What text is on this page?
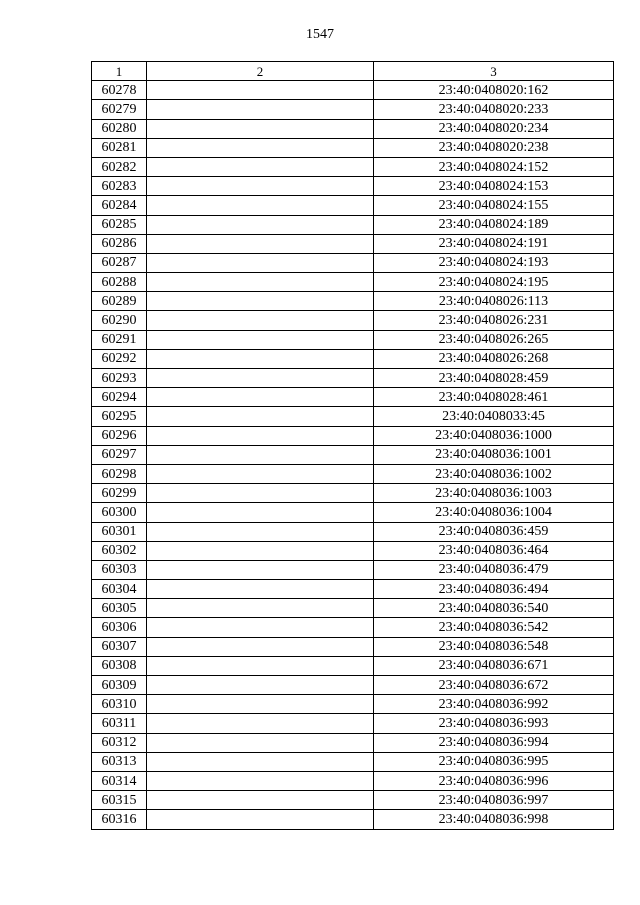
1547
1	2	3
60278		23:40:0408020:162
60279		23:40:0408020:233
60280		23:40:0408020:234
60281		23:40:0408020:238
60282		23:40:0408024:152
60283		23:40:0408024:153
60284		23:40:0408024:155
60285		23:40:0408024:189
60286		23:40:0408024:191
60287		23:40:0408024:193
60288		23:40:0408024:195
60289		23:40:0408026:113
60290		23:40:0408026:231
60291		23:40:0408026:265
60292		23:40:0408026:268
60293		23:40:0408028:459
60294		23:40:0408028:461
60295		23:40:0408033:45
60296		23:40:0408036:1000
60297		23:40:0408036:1001
60298		23:40:0408036:1002
60299		23:40:0408036:1003
60300		23:40:0408036:1004
60301		23:40:0408036:459
60302		23:40:0408036:464
60303		23:40:0408036:479
60304		23:40:0408036:494
60305		23:40:0408036:540
60306		23:40:0408036:542
60307		23:40:0408036:548
60308		23:40:0408036:671
60309		23:40:0408036:672
60310		23:40:0408036:992
60311		23:40:0408036:993
60312		23:40:0408036:994
60313		23:40:0408036:995
60314		23:40:0408036:996
60315		23:40:0408036:997
60316		23:40:0408036:998
